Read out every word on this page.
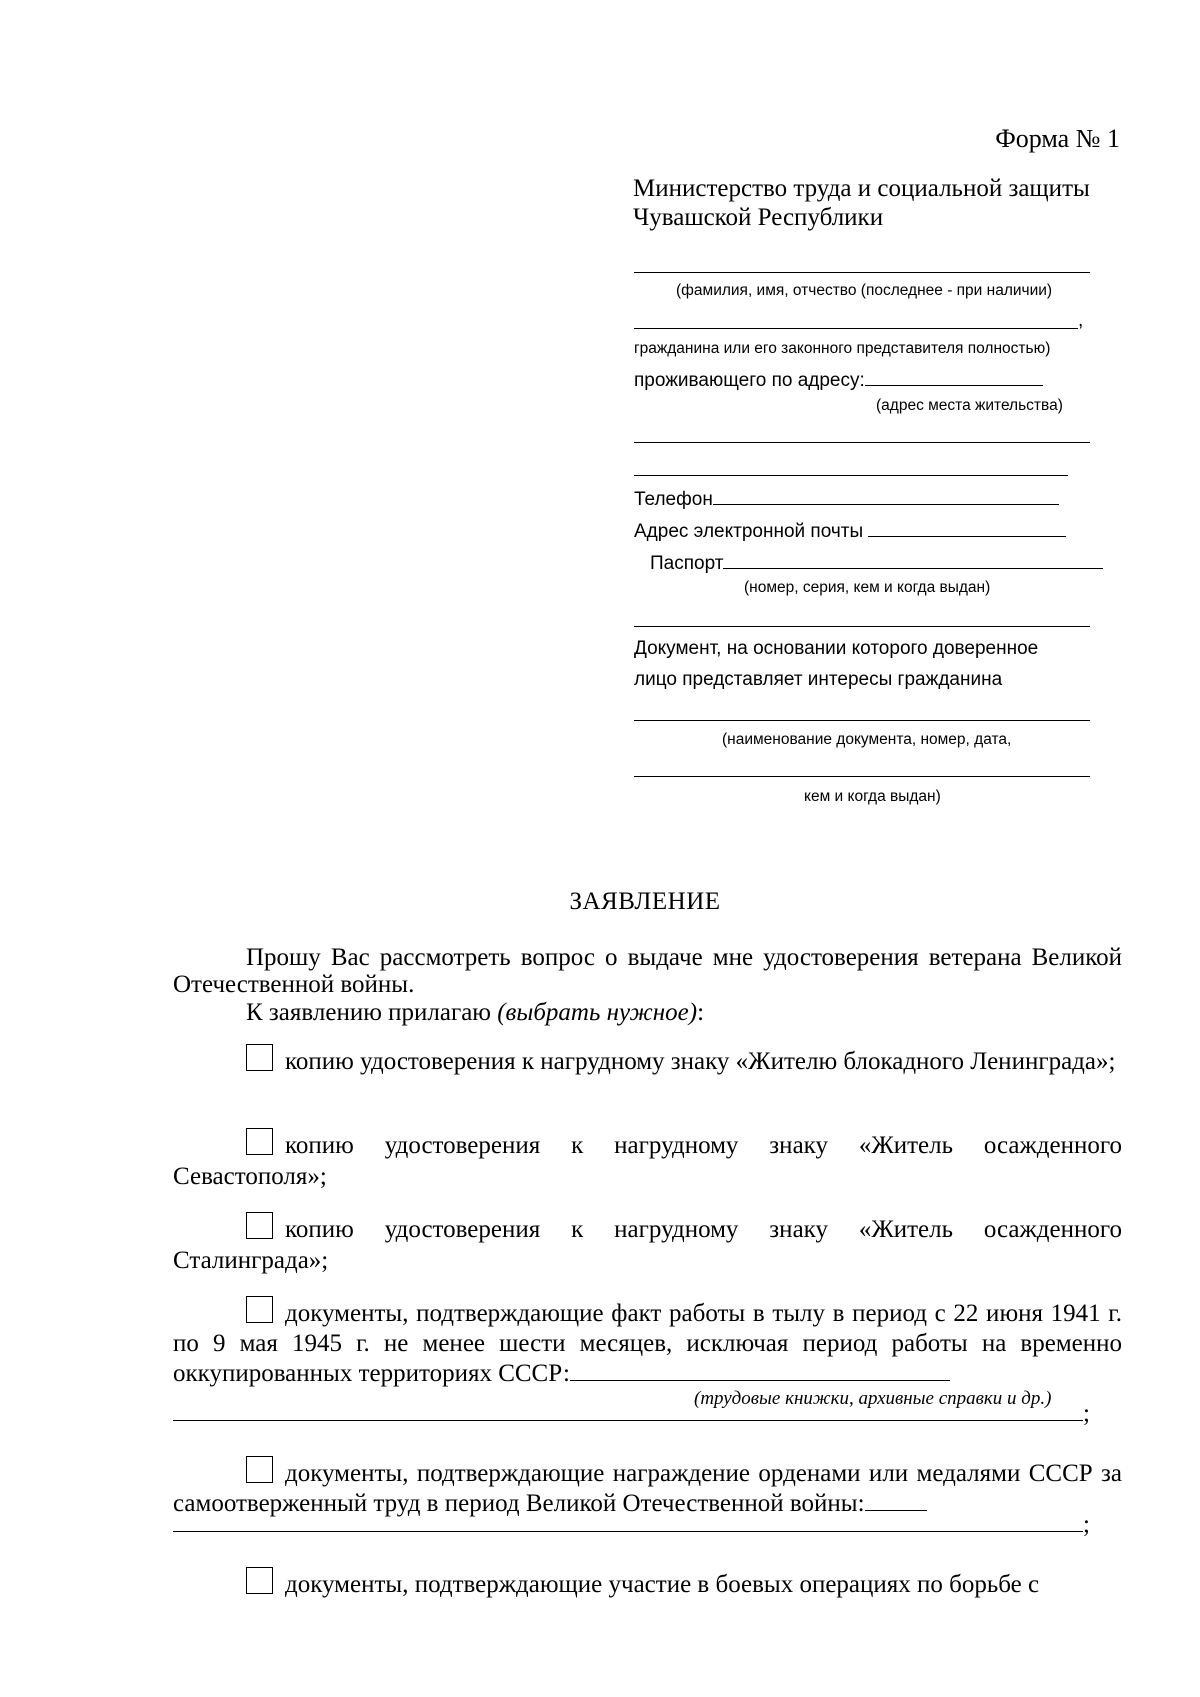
Форма № 1
Министерство труда и социальной защиты
Чувашской Республики
(фамилия, имя, отчество (последнее - при наличии)
,
гражданина или его законного представителя полностью)
проживающего по адресу:
(адрес места жительства)
Телефон
Адрес электронной почты
Паспорт
(номер, серия, кем и когда выдан)
Документ, на основании которого доверенное
лицо представляет интересы гражданина
(наименование документа, номер, дата,
кем и когда выдан)
ЗАЯВЛЕНИЕ
Прошу Вас рассмотреть вопрос о выдаче мне удостоверения ветерана Великой Отечественной войны.
К заявлению прилагаю (выбрать нужное):
копию удостоверения к нагрудному знаку «Жителю блокадного Ленинграда»;
копию удостоверения к нагрудному знаку «Житель осажденного Севастополя»;
копию удостоверения к нагрудному знаку «Житель осажденного Сталинграда»;
документы, подтверждающие факт работы в тылу в период с 22 июня 1941 г. по 9 мая 1945 г. не менее шести месяцев, исключая период работы на временно оккупированных территориях СССР:
(трудовые книжки, архивные справки и др.)
;
документы, подтверждающие награждение орденами или медалями СССР за самоотверженный труд в период Великой Отечественной войны:
;
документы, подтверждающие участие в боевых операциях по борьбе с
